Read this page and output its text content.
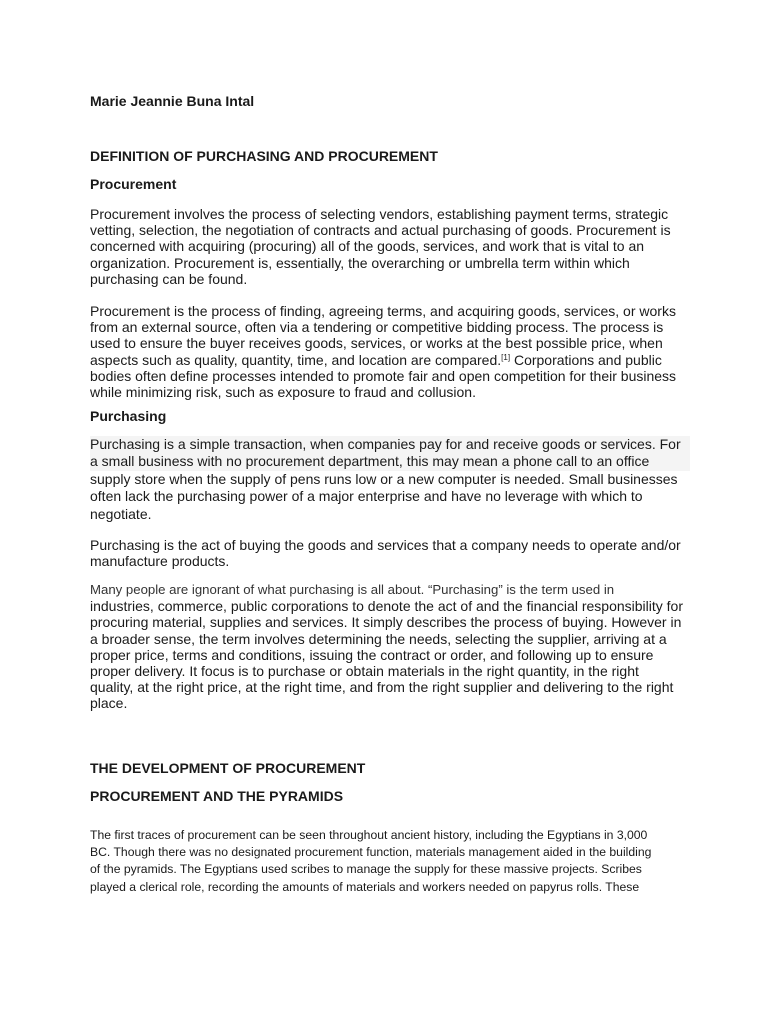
Marie Jeannie Buna Intal
DEFINITION OF PURCHASING AND PROCUREMENT
Procurement
Procurement involves the process of selecting vendors, establishing payment terms, strategic
vetting, selection, the negotiation of contracts and actual purchasing of goods. Procurement is
concerned with acquiring (procuring) all of the goods, services, and work that is vital to an
organization. Procurement is, essentially, the overarching or umbrella term within which
purchasing can be found.
Procurement is the process of finding, agreeing terms, and acquiring goods, services, or works
from an external source, often via a tendering or competitive bidding process. The process is
used to ensure the buyer receives goods, services, or works at the best possible price, when
aspects such as quality, quantity, time, and location are compared.[1] Corporations and public
bodies often define processes intended to promote fair and open competition for their business
while minimizing risk, such as exposure to fraud and collusion.
Purchasing
Purchasing is a simple transaction, when companies pay for and receive goods or services. For
a small business with no procurement department, this may mean a phone call to an office
supply store when the supply of pens runs low or a new computer is needed. Small businesses
often lack the purchasing power of a major enterprise and have no leverage with which to
negotiate.
Purchasing is the act of buying the goods and services that a company needs to operate and/or
manufacture products.
Many people are ignorant of what purchasing is all about. “Purchasing” is the term used in
industries, commerce, public corporations to denote the act of and the financial responsibility for
procuring material, supplies and services. It simply describes the process of buying. However in
a broader sense, the term involves determining the needs, selecting the supplier, arriving at a
proper price, terms and conditions, issuing the contract or order, and following up to ensure
proper delivery. It focus is to purchase or obtain materials in the right quantity, in the right
quality, at the right price, at the right time, and from the right supplier and delivering to the right
place.
THE DEVELOPMENT OF PROCUREMENT
PROCUREMENT AND THE PYRAMIDS
The first traces of procurement can be seen throughout ancient history, including the Egyptians in 3,000
BC. Though there was no designated procurement function, materials management aided in the building
of the pyramids. The Egyptians used scribes to manage the supply for these massive projects. Scribes
played a clerical role, recording the amounts of materials and workers needed on papyrus rolls. These
